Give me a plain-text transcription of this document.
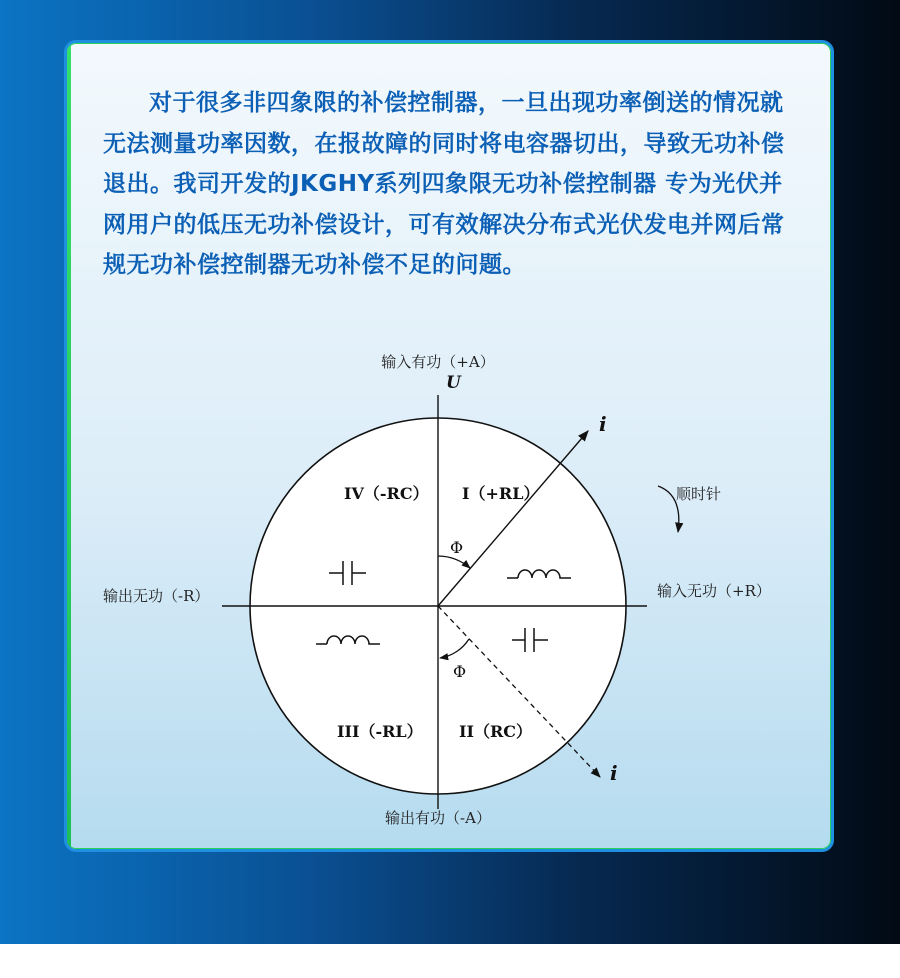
对于很多非四象限的补偿控制器，一旦出现功率倒送的情况就无法测量功率因数，在报故障的同时将电容器切出，导致无功补偿退出。我司开发的JKGHY系列四象限无功补偿控制器 专为光伏并网用户的低压无功补偿设计，可有效解决分布式光伏发电并网后常规无功补偿控制器无功补偿不足的问题。

输入有功（+A）
输出有功（-A）
输出无功（-R）	输入无功（+R）
U
i
i
Φ
Φ
I（+RL）
IV（-RC）
III（-RL） II（RC）
顺时针
